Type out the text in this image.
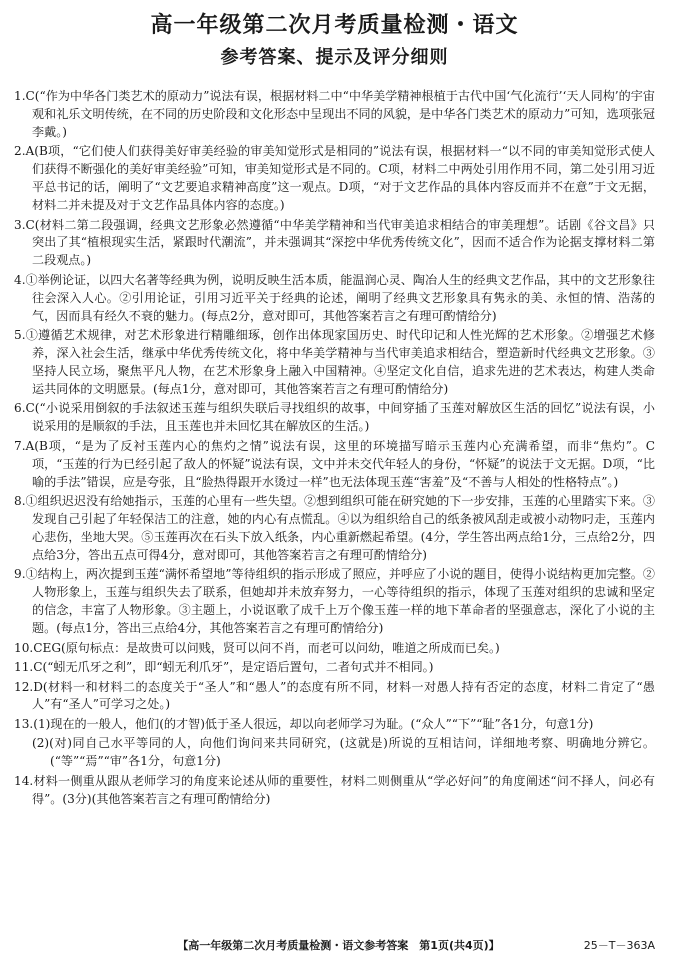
高一年级第二次月考质量检测・语文
参考答案、提示及评分细则
1.C(“作为中华各门类艺术的原动力”说法有误，根据材料二中“中华美学精神根植于古代中国‘气化流行’‘天人同构’的宇宙观和礼乐文明传统，在不同的历史阶段和文化形态中呈现出不同的风貌，是中华各门类艺术的原动力”可知，选项张冠李戴。)
2.A(B项，“它们使人们获得美好审美经验的审美知觉形式是相同的”说法有误，根据材料一“以不同的审美知觉形式使人们获得不断强化的美好审美经验”可知，审美知觉形式是不同的。C项，材料二中两处引用作用不同，第二处引用习近平总书记的话，阐明了“文艺要追求精神高度”这一观点。D项，“对于文艺作品的具体内容反而并不在意”于文无据，材料二并未提及对于文艺作品具体内容的态度。)
3.C(材料二第二段强调，经典文艺形象必然遵循“中华美学精神和当代审美追求相结合的审美理想”。话剧《谷文昌》只突出了其“植根现实生活，紧跟时代潮流”，并未强调其“深挖中华优秀传统文化”，因而不适合作为论据支撑材料二第二段观点。)
4.①举例论证，以四大名著等经典为例，说明反映生活本质，能温润心灵、陶冶人生的经典文艺作品，其中的文艺形象往往会深入人心。②引用论证，引用习近平关于经典的论述，阐明了经典文艺形象具有隽永的美、永恒的情、浩荡的气，因而具有经久不衰的魅力。(每点2分，意对即可，其他答案若言之有理可酌情给分)
5.①遵循艺术规律，对艺术形象进行精雕细琢，创作出体现家国历史、时代印记和人性光辉的艺术形象。②增强艺术修养，深入社会生活，继承中华优秀传统文化，将中华美学精神与当代审美追求相结合，塑造新时代经典文艺形象。③坚持人民立场，聚焦平凡人物，在艺术形象身上融入中国精神。④坚定文化自信，追求先进的艺术表达，构建人类命运共同体的文明愿景。(每点1分，意对即可，其他答案若言之有理可酌情给分)
6.C(“小说采用倒叙的手法叙述玉莲与组织失联后寻找组织的故事，中间穿插了玉莲对解放区生活的回忆”说法有误，小说采用的是顺叙的手法，且玉莲也并未回忆其在解放区的生活。)
7.A(B项，“是为了反衬玉莲内心的焦灼之情”说法有误，这里的环境描写暗示玉莲内心充满希望，而非“焦灼”。C项，“玉莲的行为已经引起了敌人的怀疑”说法有误，文中并未交代年轻人的身份，“怀疑”的说法于文无据。D项，“比喻的手法”错误，应是夸张，且“脸热得跟开水烫过一样”也无法体现玉莲“害羞”及“不善与人相处的性格特点”。)
8.①组织迟迟没有给她指示，玉莲的心里有一些失望。②想到组织可能在研究她的下一步安排，玉莲的心里踏实下来。③发现自己引起了年轻保洁工的注意，她的内心有点慌乱。④以为组织给自己的纸条被风刮走或被小动物叼走，玉莲内心悲伤，坐地大哭。⑤玉莲再次在石头下放入纸条，内心重新燃起希望。(4分，学生答出两点给1分，三点给2分，四点给3分，答出五点可得4分，意对即可，其他答案若言之有理可酌情给分)
9.①结构上，两次提到玉莲“满怀希望地”等待组织的指示形成了照应，并呼应了小说的题目，使得小说结构更加完整。②人物形象上，玉莲与组织失去了联系，但她却并未放弃努力，一心等待组织的指示，体现了玉莲对组织的忠诚和坚定的信念，丰富了人物形象。③主题上，小说讴歌了成千上万个像玉莲一样的地下革命者的坚强意志，深化了小说的主题。(每点1分，答出三点给4分，其他答案若言之有理可酌情给分)
10.CEG(原句标点：是故贵可以问贱，贤可以问不肖，而老可以问幼，唯道之所成而已矣。)
11.C(“蚓无爪牙之利”，即“蚓无利爪牙”，是定语后置句，二者句式并不相同。)
12.D(材料一和材料二的态度关于“圣人”和“愚人”的态度有所不同，材料一对愚人持有否定的态度，材料二肯定了“愚人”有“圣人”可学习之处。)
13.(1)现在的一般人，他们(的才智)低于圣人很远，却以向老师学习为耻。(“众人”“下”“耻”各1分，句意1分)
(2)(对)同自己水平等同的人，向他们询问来共同研究，(这就是)所说的互相诘问，详细地考察、明确地分辨它。(“等”“焉”“审”各1分，句意1分)
14.材料一侧重从跟从老师学习的角度来论述从师的重要性，材料二则侧重从“学必好问”的角度阐述“问不择人，问必有得”。(3分)(其他答案若言之有理可酌情给分)
【高一年级第二次月考质量检测・语文参考答案　第1页(共4页)】	25－T－363A
